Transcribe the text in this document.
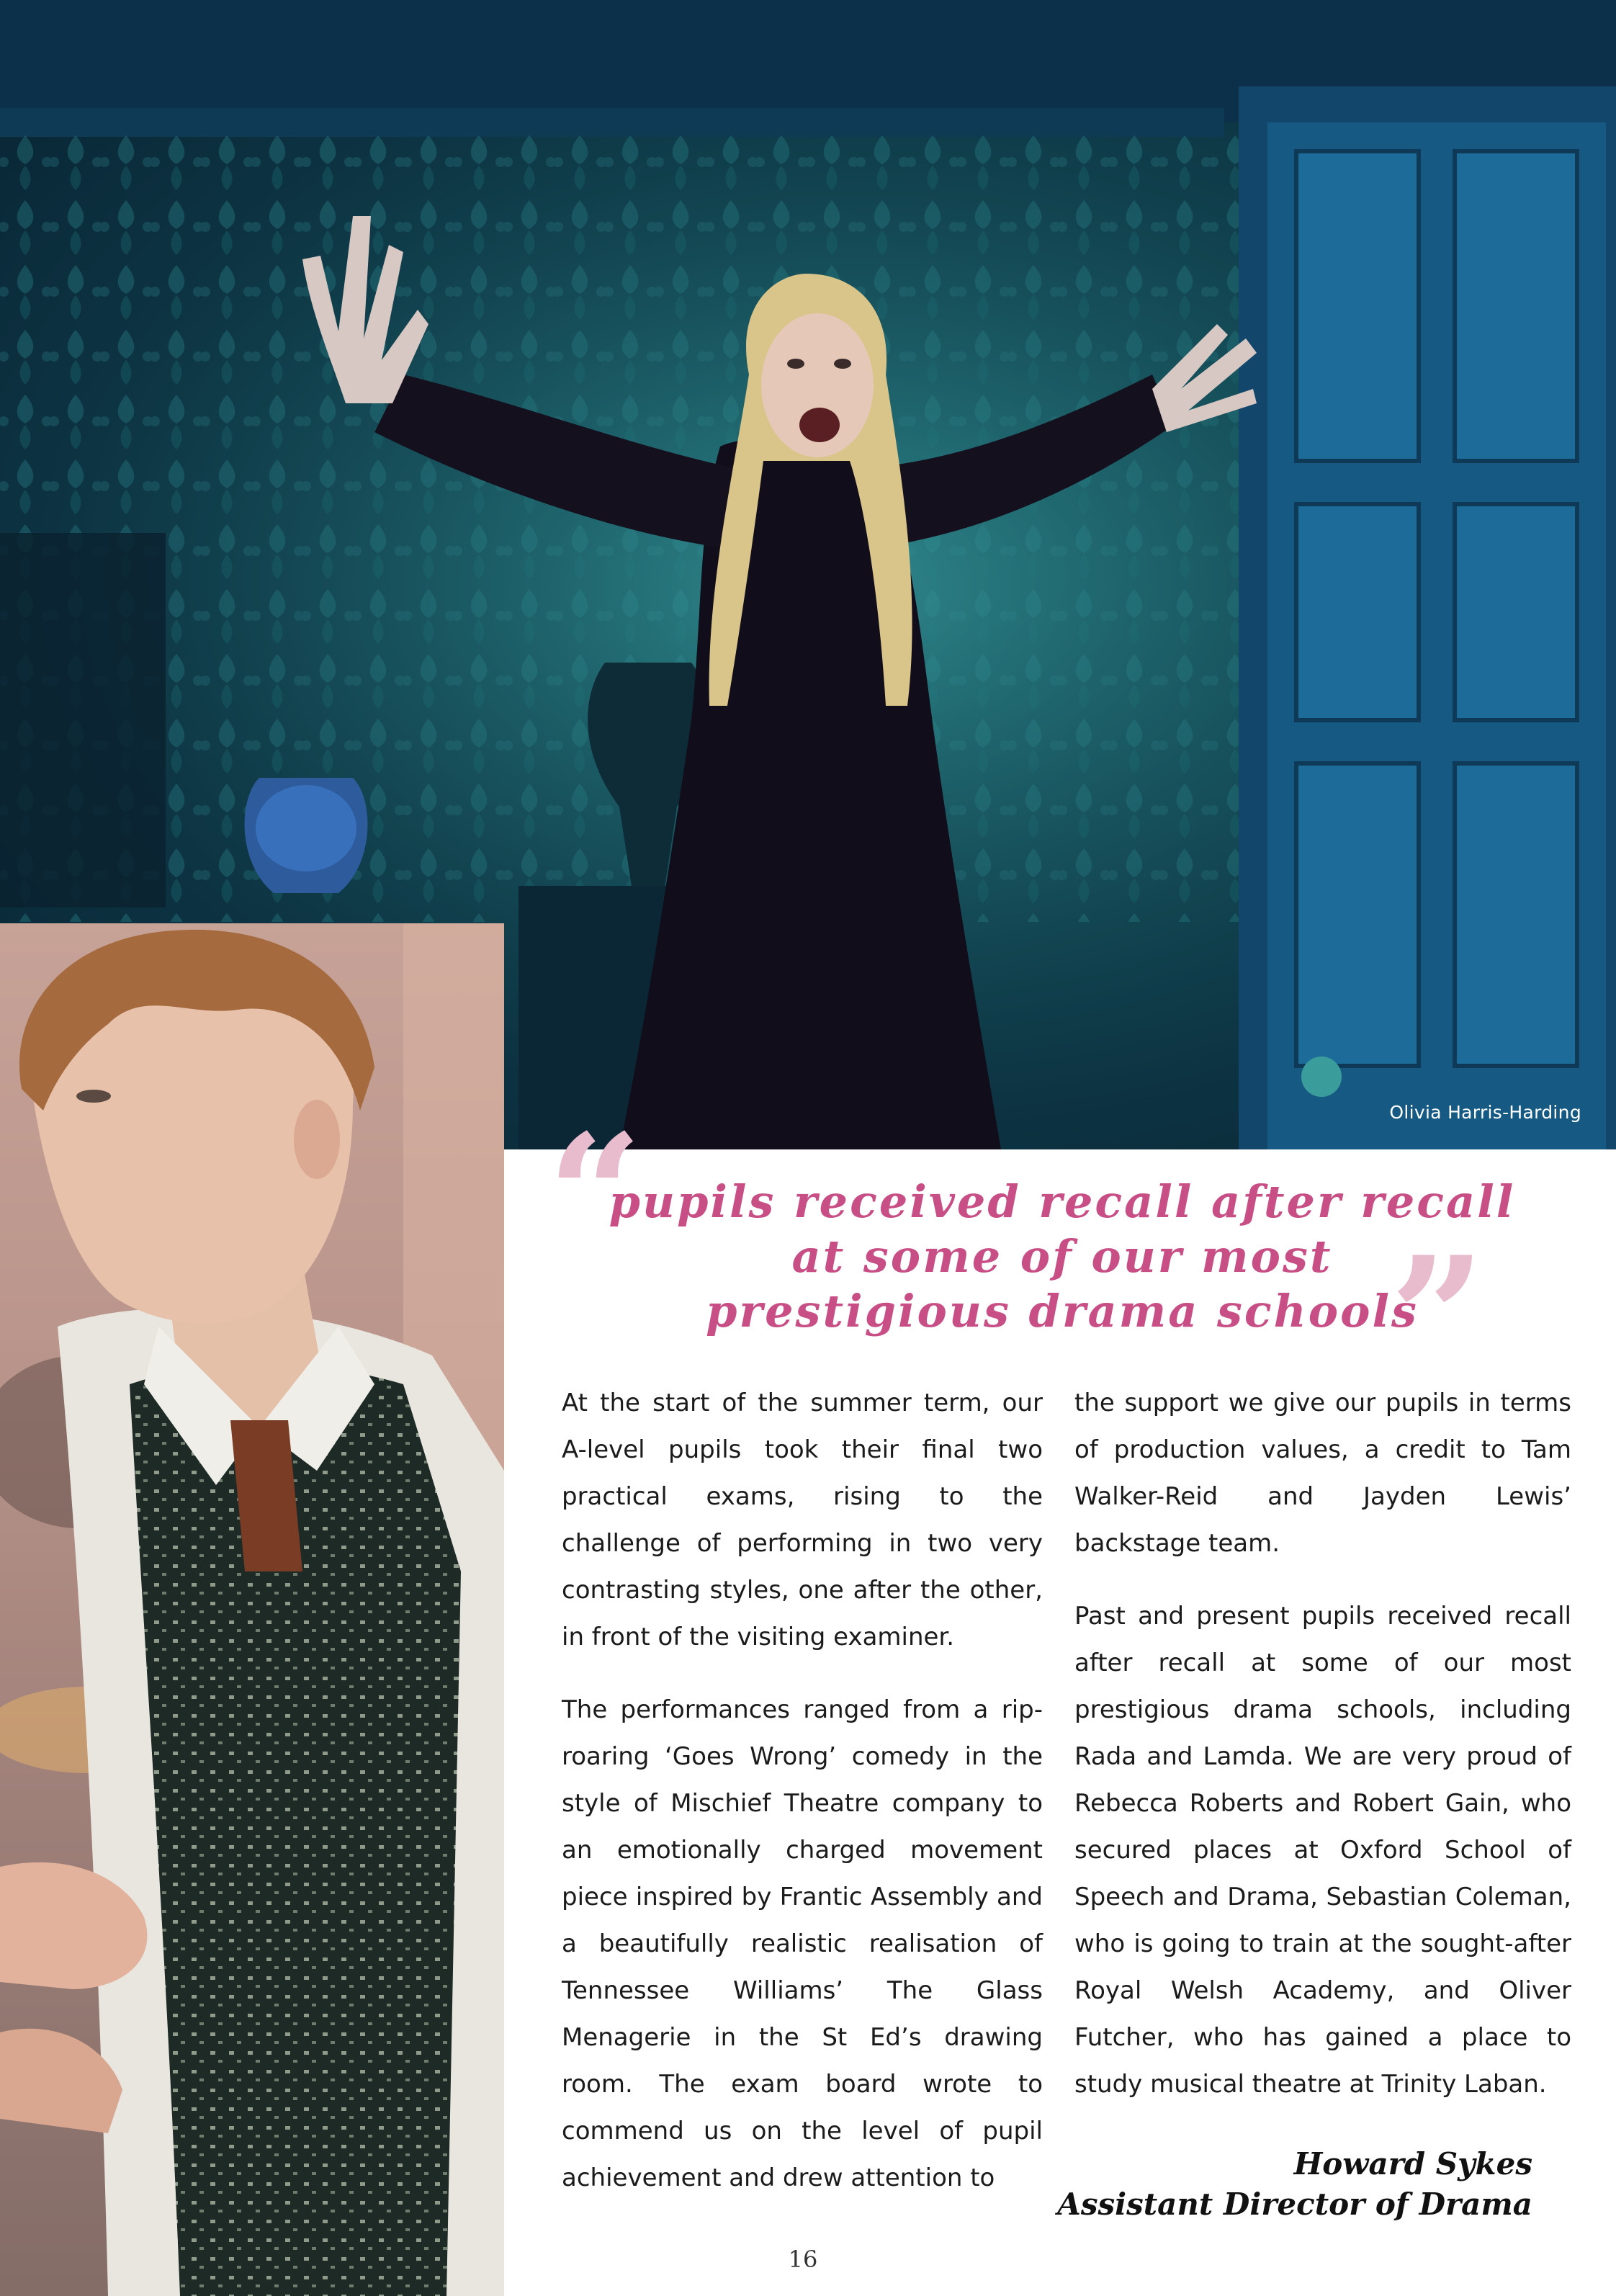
Olivia Harris-Harding
“
”
pupils received recall after recall
at some of our most
prestigious drama schools

At the start of the summer term, our A-level pupils took their final two practical exams, rising to the challenge of performing in two very contrasting styles, one after the other, in front of the visiting examiner.

The performances ranged from a rip-roaring ‘Goes Wrong’ comedy in the style of Mischief Theatre company to an emotionally charged movement piece inspired by Frantic Assembly and a beautifully realistic realisation of Tennessee Williams’ The Glass Menagerie in the St Ed’s drawing room. The exam board wrote to commend us on the level of pupil achievement and drew attention to

the support we give our pupils in terms of production values, a credit to Tam Walker-Reid and Jayden Lewis’ backstage team.

Past and present pupils received recall after recall at some of our most prestigious drama schools, including Rada and Lamda. We are very proud of Rebecca Roberts and Robert Gain, who secured places at Oxford School of Speech and Drama, Sebastian Coleman, who is going to train at the sought-after Royal Welsh Academy, and Oliver Futcher, who has gained a place to study musical theatre at Trinity Laban.

Howard Sykes
Assistant Director of Drama
16
